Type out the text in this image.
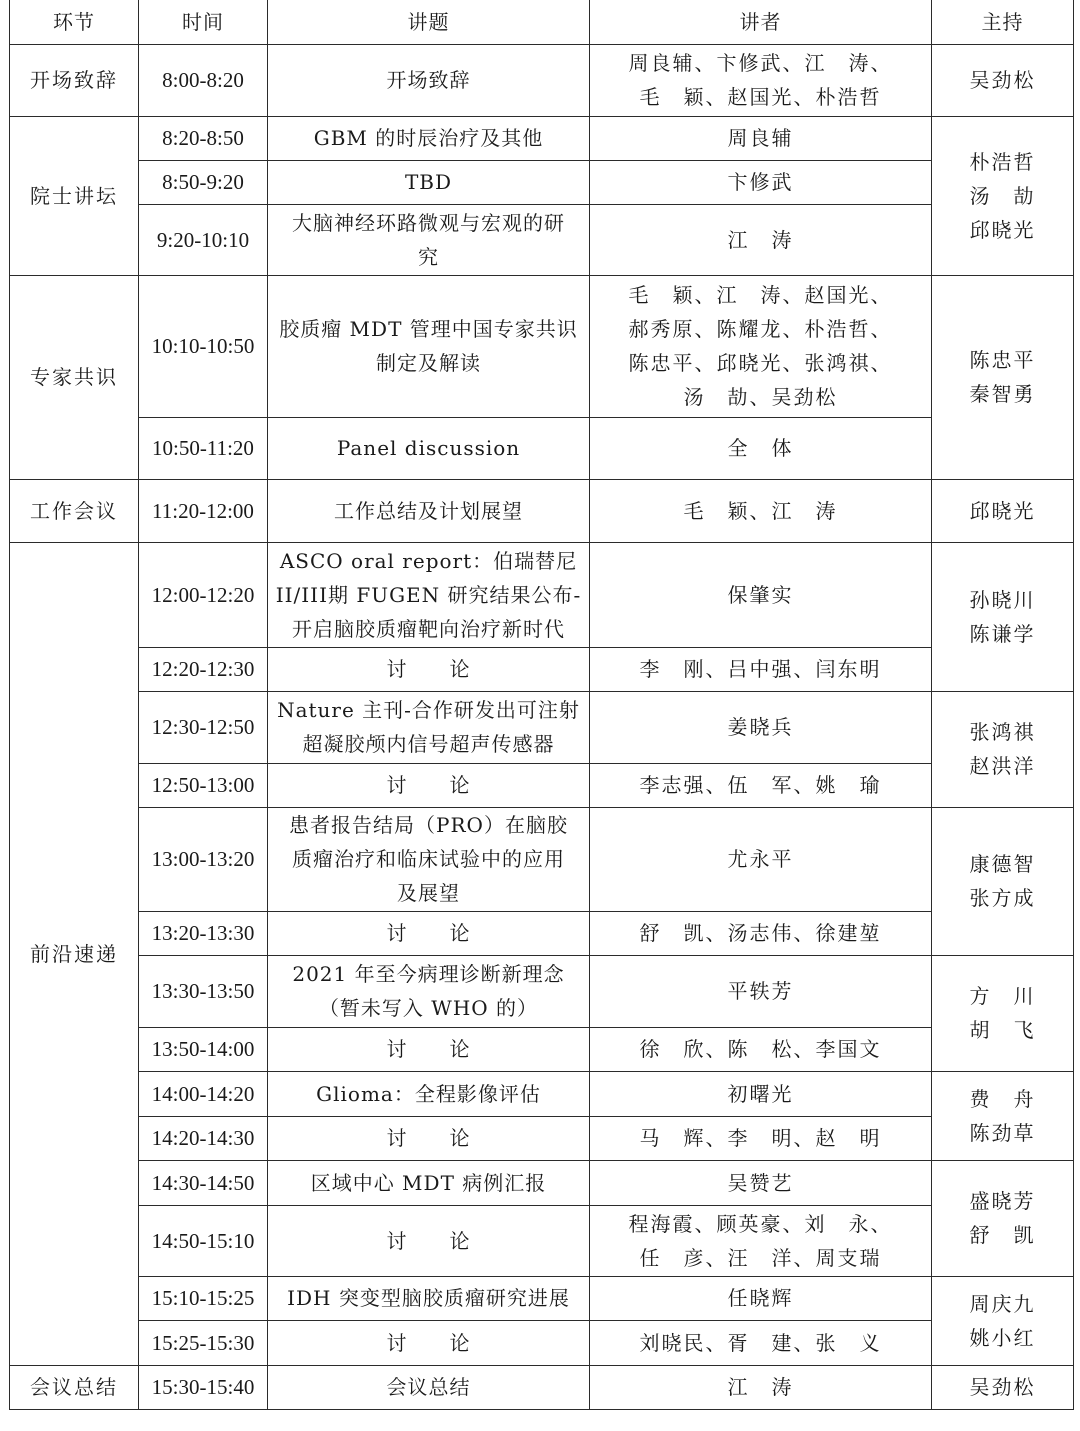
环节	时间	讲题	讲者	主持
开场致辞	8:00-8:20	开场致辞	周良辅、卞修武、江　涛、
毛　颖、赵国光、朴浩哲	吴劲松

院士讲坛	8:20-8:50	GBM 的时辰治疗及其他	周良辅	朴浩哲
汤　劼
邱晓光

	8:50-9:20	TBD	卞修武	

	9:20-10:10	大脑神经环路微观与宏观的研
究	江　涛	

专家共识	10:10-10:50	胶质瘤 MDT 管理中国专家共识
制定及解读	毛　颖、江　涛、赵国光、
郝秀原、陈耀龙、朴浩哲、
陈忠平、邱晓光、张鸿祺、
汤　劼、吴劲松	陈忠平
秦智勇

	10:50-11:20	Panel discussion	全　体	

工作会议	11:20-12:00	工作总结及计划展望	毛　颖、江　涛	邱晓光

前沿速递	12:00-12:20	ASCO oral report：伯瑞替尼
II/III期 FUGEN 研究结果公布-
开启脑胶质瘤靶向治疗新时代	保肇实	孙晓川
陈谦学

	12:20-12:30	讨　　论	李　刚、吕中强、闫东明	

	12:30-12:50	Nature 主刊-合作研发出可注射
超凝胶颅内信号超声传感器	姜晓兵	张鸿祺
赵洪洋

	12:50-13:00	讨　　论	李志强、伍　军、姚　瑜	

	13:00-13:20	患者报告结局（PRO）在脑胶
质瘤治疗和临床试验中的应用
及展望	尤永平	康德智
张方成

	13:20-13:30	讨　　论	舒　凯、汤志伟、徐建堃	

	13:30-13:50	2021 年至今病理诊断新理念
（暂未写入 WHO 的）	平轶芳	方　川
胡　飞

	13:50-14:00	讨　　论	徐　欣、陈　松、李国文	

	14:00-14:20	Glioma：全程影像评估	初曙光	费　舟
陈劲草

	14:20-14:30	讨　　论	马　辉、李　明、赵　明	

	14:30-14:50	区域中心 MDT 病例汇报	吴赞艺	盛晓芳
舒　凯

	14:50-15:10	讨　　论	程海霞、顾英豪、刘　永、
任　彦、汪　洋、周支瑞	

	15:10-15:25	IDH 突变型脑胶质瘤研究进展	任晓辉	周庆九
姚小红

	15:25-15:30	讨　　论	刘晓民、胥　建、张　义	

会议总结	15:30-15:40	会议总结	江　涛	吴劲松
